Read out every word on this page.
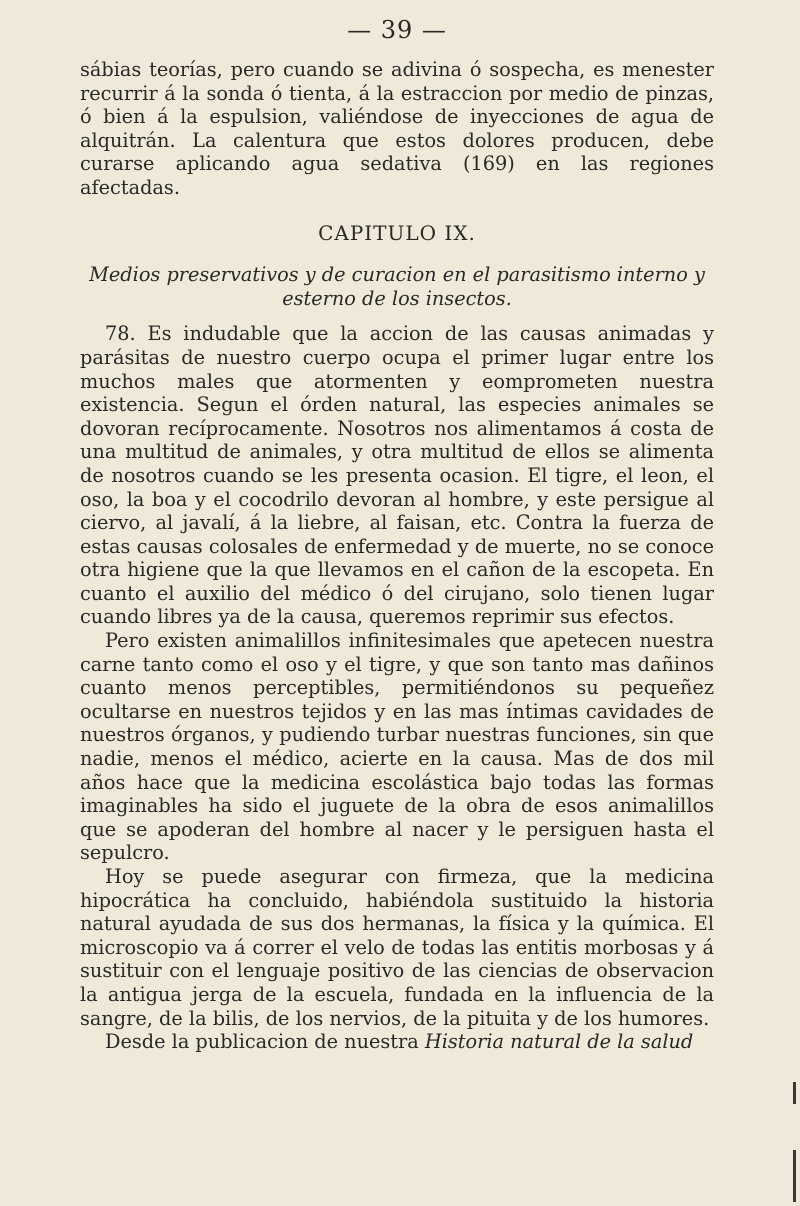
— 39 —

sábias teorías, pero cuando se adivina ó sospecha, es menester recurrir á la sonda ó tienta, á la estraccion por medio de pinzas, ó bien á la espulsion, valiéndose de inyecciones de agua de alquitrán. La calentura que estos dolores producen, debe curarse aplicando agua sedativa (169) en las regiones afectadas.

CAPITULO IX.

Medios preservativos y de curacion en el parasitismo interno y esterno de los insectos.

78. Es indudable que la accion de las causas animadas y parásitas de nuestro cuerpo ocupa el primer lugar entre los muchos males que atormenten y eomprometen nuestra existencia. Segun el órden natural, las especies animales se dovoran recíprocamente. Nosotros nos alimentamos á costa de una multitud de animales, y otra multitud de ellos se alimenta de nosotros cuando se les presenta ocasion. El tigre, el leon, el oso, la boa y el cocodrilo devoran al hombre, y este persigue al ciervo, al javalí, á la liebre, al faisan, etc. Contra la fuerza de estas causas colosales de enfermedad y de muerte, no se conoce otra higiene que la que llevamos en el cañon de la escopeta. En cuanto el auxilio del médico ó del cirujano, solo tienen lugar cuando libres ya de la causa, queremos reprimir sus efectos.

Pero existen animalillos infinitesimales que apetecen nuestra carne tanto como el oso y el tigre, y que son tanto mas dañinos cuanto menos perceptibles, permitiéndonos su pequeñez ocultarse en nuestros tejidos y en las mas íntimas cavidades de nuestros órganos, y pudiendo turbar nuestras funciones, sin que nadie, menos el médico, acierte en la causa. Mas de dos mil años hace que la medicina escolástica bajo todas las formas imaginables ha sido el juguete de la obra de esos animalillos que se apoderan del hombre al nacer y le persiguen hasta el sepulcro.

Hoy se puede asegurar con firmeza, que la medicina hipocrática ha concluido, habiéndola sustituido la historia natural ayudada de sus dos hermanas, la física y la química. El microscopio va á correr el velo de todas las entitis morbosas y á sustituir con el lenguaje positivo de las ciencias de observacion la antigua jerga de la escuela, fundada en la influencia de la sangre, de la bilis, de los nervios, de la pituita y de los humores.

Desde la publicacion de nuestra Historia natural de la salud
